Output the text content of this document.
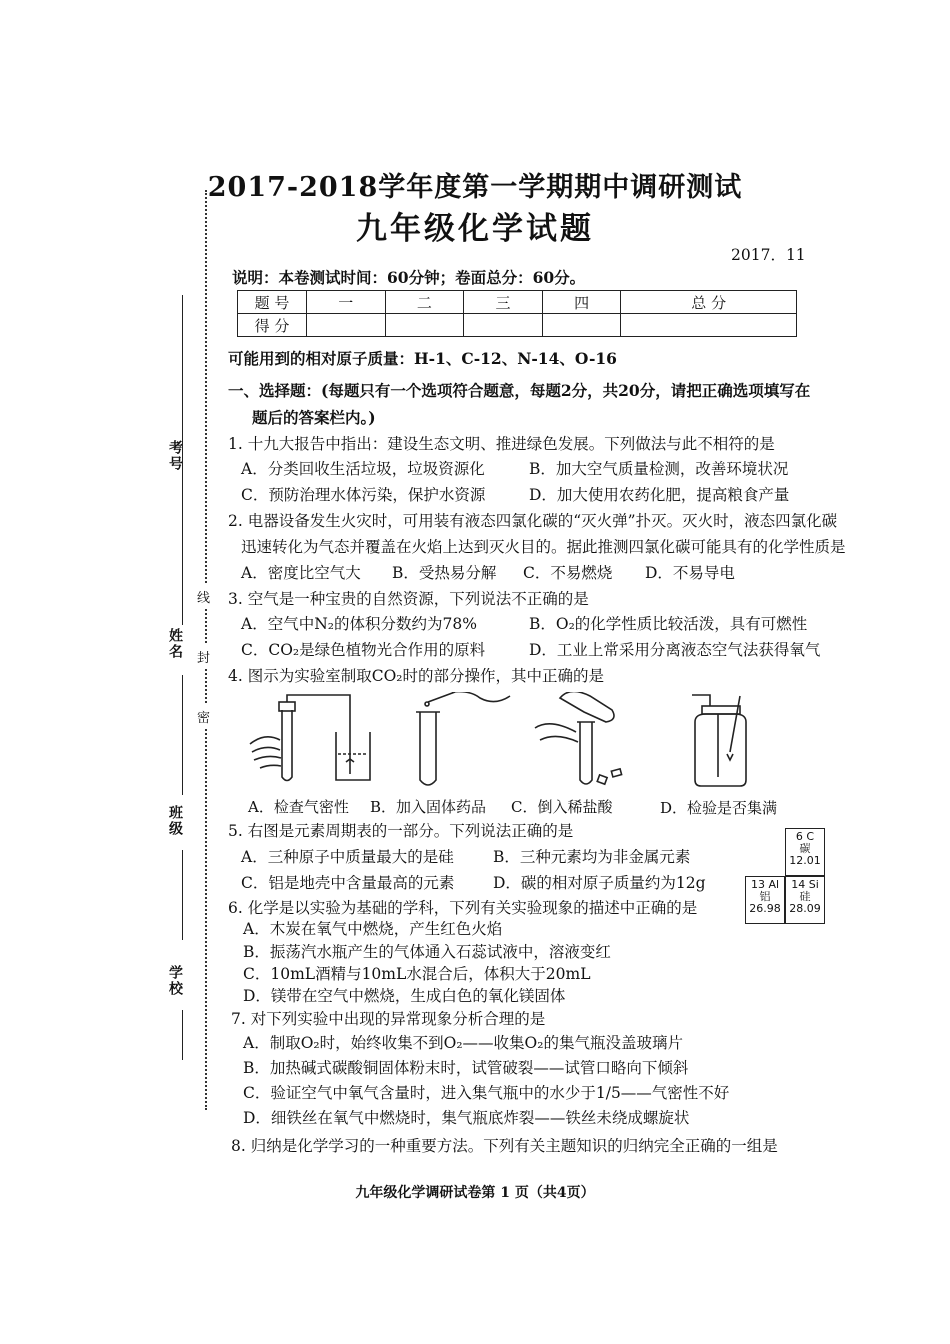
线
封
密
考号
姓名
班级
学校
2017-2018学年度第一学期期中调研测试
九年级化学试题
2017．11
说明：本卷测试时间：60分钟；卷面总分：60分。
题 号	一	二	三	四	总 分
得 分					
可能用到的相对原子质量：H-1、C-12、N-14、O-16
一、选择题：(每题只有一个选项符合题意，每题2分，共20分，请把正确选项填写在
题后的答案栏内。)
1. 十九大报告中指出：建设生态文明、推进绿色发展。下列做法与此不相符的是
A．分类回收生活垃圾，垃圾资源化	B．加大空气质量检测，改善环境状况
C．预防治理水体污染，保护水资源	D．加大使用农药化肥，提高粮食产量
2. 电器设备发生火灾时，可用装有液态四氯化碳的“灭火弹”扑灭。灭火时，液态四氯化碳
迅速转化为气态并覆盖在火焰上达到灭火目的。据此推测四氯化碳可能具有的化学性质是
A．密度比空气大 B．受热易分解 C．不易燃烧 D．不易导电
3. 空气是一种宝贵的自然资源，下列说法不正确的是
A．空气中N₂的体积分数约为78%	B．O₂的化学性质比较活泼，具有可燃性
C．CO₂是绿色植物光合作用的原料	D．工业上常采用分离液态空气法获得氧气
4. 图示为实验室制取CO₂时的部分操作，其中正确的是
A．检查气密性 B．加入固体药品 C．倒入稀盐酸	D．检验是否集满
5. 右图是元素周期表的一部分。下列说法正确的是
A．三种原子中质量最大的是硅	B．三种元素均为非金属元素
C．铝是地壳中含量最高的元素 D．碳的相对原子质量约为12g
6 C
碳
12.01
13 Al
铝
26.98
14 Si
硅
28.09
6. 化学是以实验为基础的学科，下列有关实验现象的描述中正确的是
A．木炭在氧气中燃烧，产生红色火焰
B．振荡汽水瓶产生的气体通入石蕊试液中，溶液变红
C．10mL酒精与10mL水混合后，体积大于20mL
D．镁带在空气中燃烧，生成白色的氧化镁固体
7. 对下列实验中出现的异常现象分析合理的是
A．制取O₂时，始终收集不到O₂——收集O₂的集气瓶没盖玻璃片
B．加热碱式碳酸铜固体粉末时，试管破裂——试管口略向下倾斜
C．验证空气中氧气含量时，进入集气瓶中的水少于1/5——气密性不好
D．细铁丝在氧气中燃烧时，集气瓶底炸裂——铁丝未绕成螺旋状
8. 归纳是化学学习的一种重要方法。下列有关主题知识的归纳完全正确的一组是
九年级化学调研试卷第 1 页（共4页）
